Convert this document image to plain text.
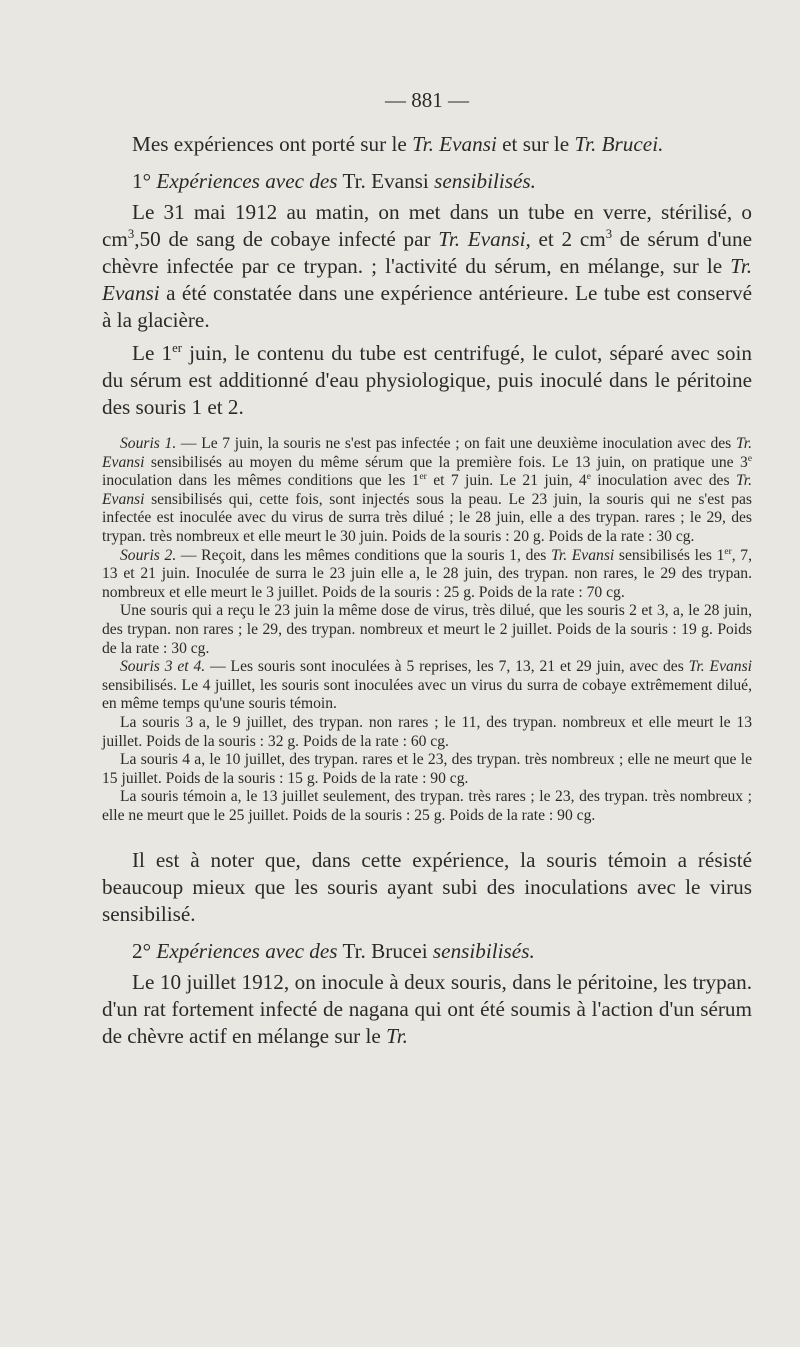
— 881 —

Mes expériences ont porté sur le Tr. Evansi et sur le Tr. Brucei.

1° Expériences avec des Tr. Evansi sensibilisés.

Le 31 mai 1912 au matin, on met dans un tube en verre, stérilisé, o $cm^3,50$ de sang de cobaye infecté par Tr. Evansi, et 2 $cm^3$ de sérum d'une chèvre infectée par ce trypan. ; l'activité du sérum, en mélange, sur le Tr. Evansi a été constatée dans une expérience antérieure. Le tube est conservé à la glacière.

Le 1er juin, le contenu du tube est centrifugé, le culot, séparé avec soin du sérum est additionné d'eau physiologique, puis inoculé dans le péritoine des souris 1 et 2.

Souris 1. — Le 7 juin, la souris ne s'est pas infectée ; on fait une deuxième inoculation avec des Tr. Evansi sensibilisés au moyen du même sérum que la première fois. Le 13 juin, on pratique une 3e inoculation dans les mêmes conditions que les 1er et 7 juin. Le 21 juin, 4e inoculation avec des Tr. Evansi sensibilisés qui, cette fois, sont injectés sous la peau. Le 23 juin, la souris qui ne s'est pas infectée est inoculée avec du virus de surra très dilué ; le 28 juin, elle a des trypan. rares ; le 29, des trypan. très nombreux et elle meurt le 30 juin. Poids de la souris : 20 g. Poids de la rate : 30 cg.

Souris 2. — Reçoit, dans les mêmes conditions que la souris 1, des Tr. Evansi sensibilisés les 1er, 7, 13 et 21 juin. Inoculée de surra le 23 juin elle a, le 28 juin, des trypan. non rares, le 29 des trypan. nombreux et elle meurt le 3 juillet. Poids de la souris : 25 g. Poids de la rate : 70 cg.

Une souris qui a reçu le 23 juin la même dose de virus, très dilué, que les souris 2 et 3, a, le 28 juin, des trypan. non rares ; le 29, des trypan. nombreux et meurt le 2 juillet. Poids de la souris : 19 g. Poids de la rate : 30 cg.

Souris 3 et 4. — Les souris sont inoculées à 5 reprises, les 7, 13, 21 et 29 juin, avec des Tr. Evansi sensibilisés. Le 4 juillet, les souris sont inoculées avec un virus du surra de cobaye extrêmement dilué, en même temps qu'une souris témoin.

La souris 3 a, le 9 juillet, des trypan. non rares ; le 11, des trypan. nombreux et elle meurt le 13 juillet. Poids de la souris : 32 g. Poids de la rate : 60 cg.

La souris 4 a, le 10 juillet, des trypan. rares et le 23, des trypan. très nombreux ; elle ne meurt que le 15 juillet. Poids de la souris : 15 g. Poids de la rate : 90 cg.

La souris témoin a, le 13 juillet seulement, des trypan. très rares ; le 23, des trypan. très nombreux ; elle ne meurt que le 25 juillet. Poids de la souris : 25 g. Poids de la rate : 90 cg.

Il est à noter que, dans cette expérience, la souris témoin a résisté beaucoup mieux que les souris ayant subi des inoculations avec le virus sensibilisé.

2° Expériences avec des Tr. Brucei sensibilisés.

Le 10 juillet 1912, on inocule à deux souris, dans le péritoine, les trypan. d'un rat fortement infecté de nagana qui ont été soumis à l'action d'un sérum de chèvre actif en mélange sur le Tr.
